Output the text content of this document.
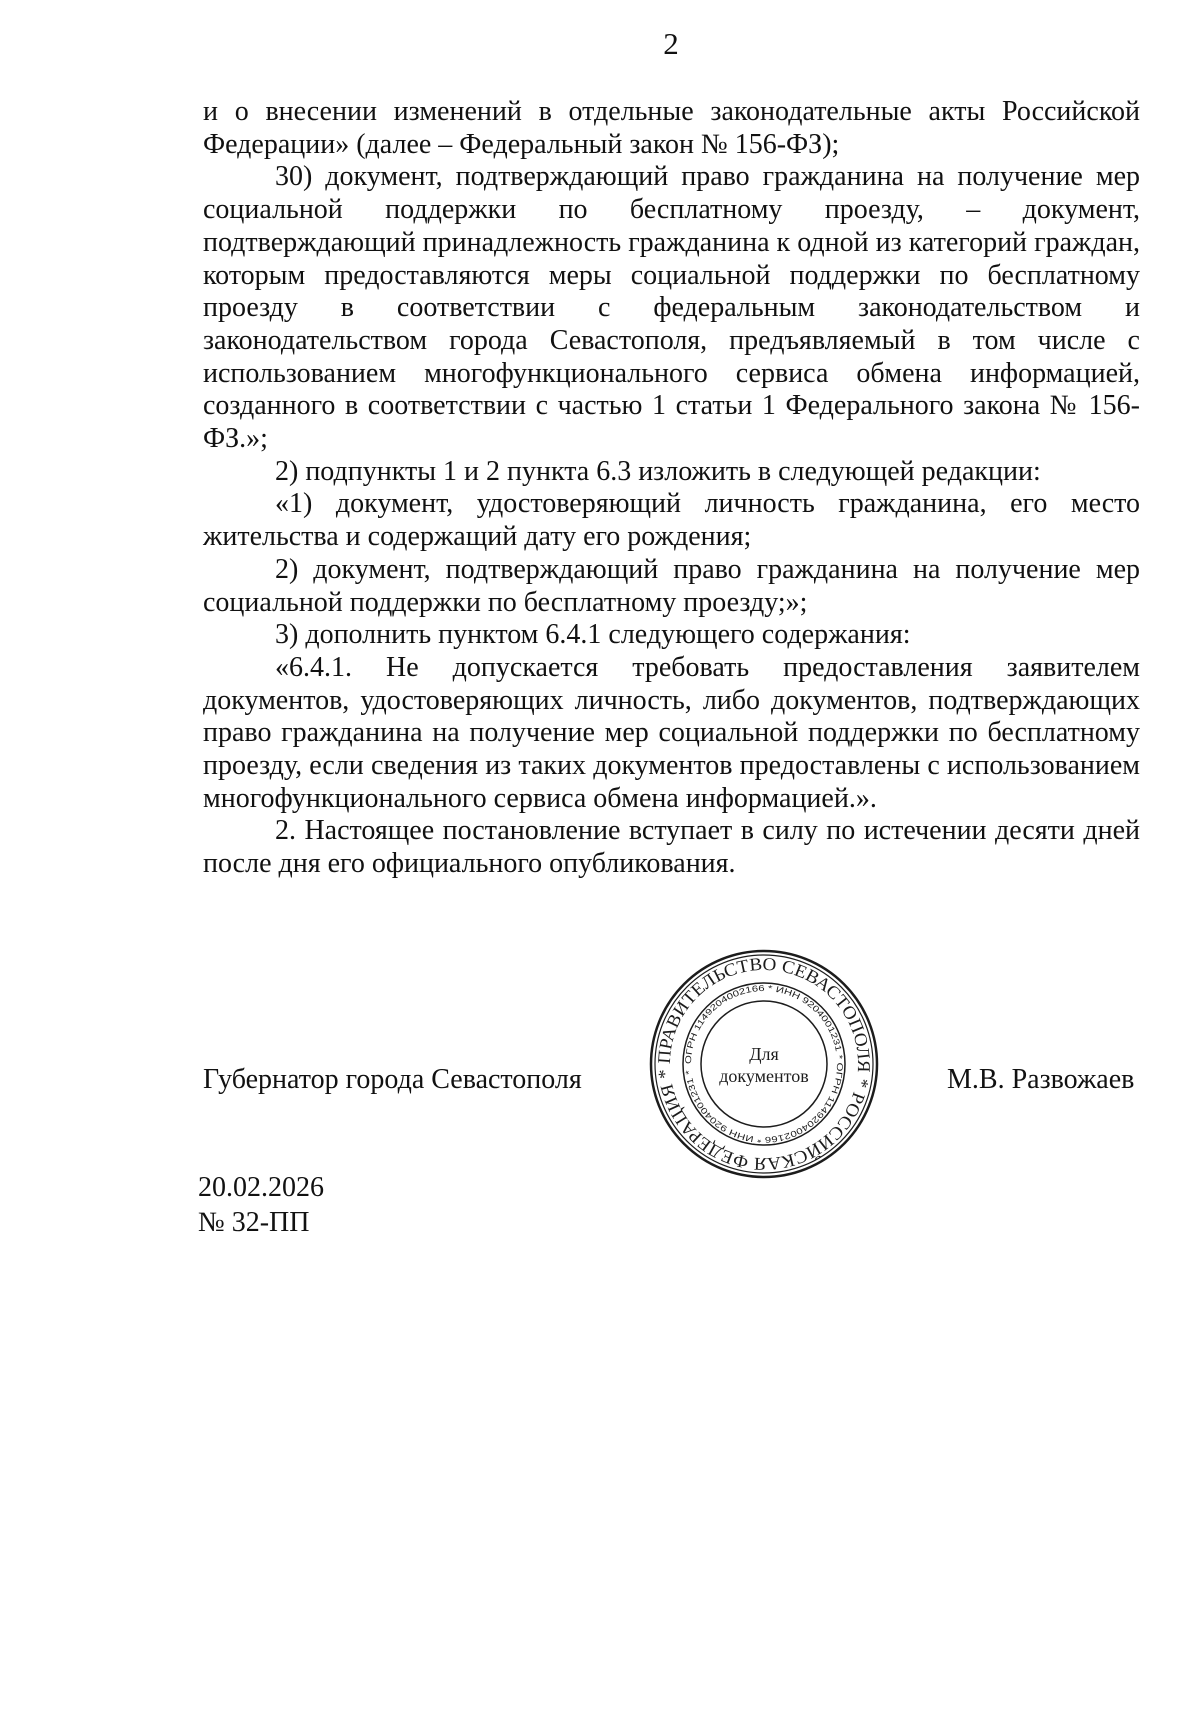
2

и о внесении изменений в отдельные законодательные акты Российской Федерации» (далее – Федеральный закон № 156-ФЗ);

30) документ, подтверждающий право гражданина на получение мер социальной поддержки по бесплатному проезду, – документ, подтверждающий принадлежность гражданина к одной из категорий граждан, которым предоставляются меры социальной поддержки по бесплатному проезду в соответствии с федеральным законодательством и законодательством города Севастополя, предъявляемый в том числе с использованием многофункционального сервиса обмена информацией, созданного в соответствии с частью 1 статьи 1 Федерального закона № 156-ФЗ.»;

2) подпункты 1 и 2 пункта 6.3 изложить в следующей редакции:

«1) документ, удостоверяющий личность гражданина, его место жительства и содержащий дату его рождения;

2) документ, подтверждающий право гражданина на получение мер социальной поддержки по бесплатному проезду;»;

3) дополнить пунктом 6.4.1 следующего содержания:

«6.4.1. Не допускается требовать предоставления заявителем документов, удостоверяющих личность, либо документов, подтверждающих право гражданина на получение мер социальной поддержки по бесплатному проезду, если сведения из таких документов предоставлены с использованием многофункционального сервиса обмена информацией.».

2. Настоящее постановление вступает в силу по истечении десяти дней после дня его официального опубликования.

Губернатор города Севастополя
ПРАВИТЕЛЬСТВО СЕВАСТОПОЛЯ * РОССИЙСКАЯ ФЕДЕРАЦИЯ *
ОГРН 1149204002166 * ИНН 9204001231 * ОГРН 1149204002166 * ИНН 9204001231 *
Для
документов	М.В. Развожаев
20.02.2026
№ 32-ПП
